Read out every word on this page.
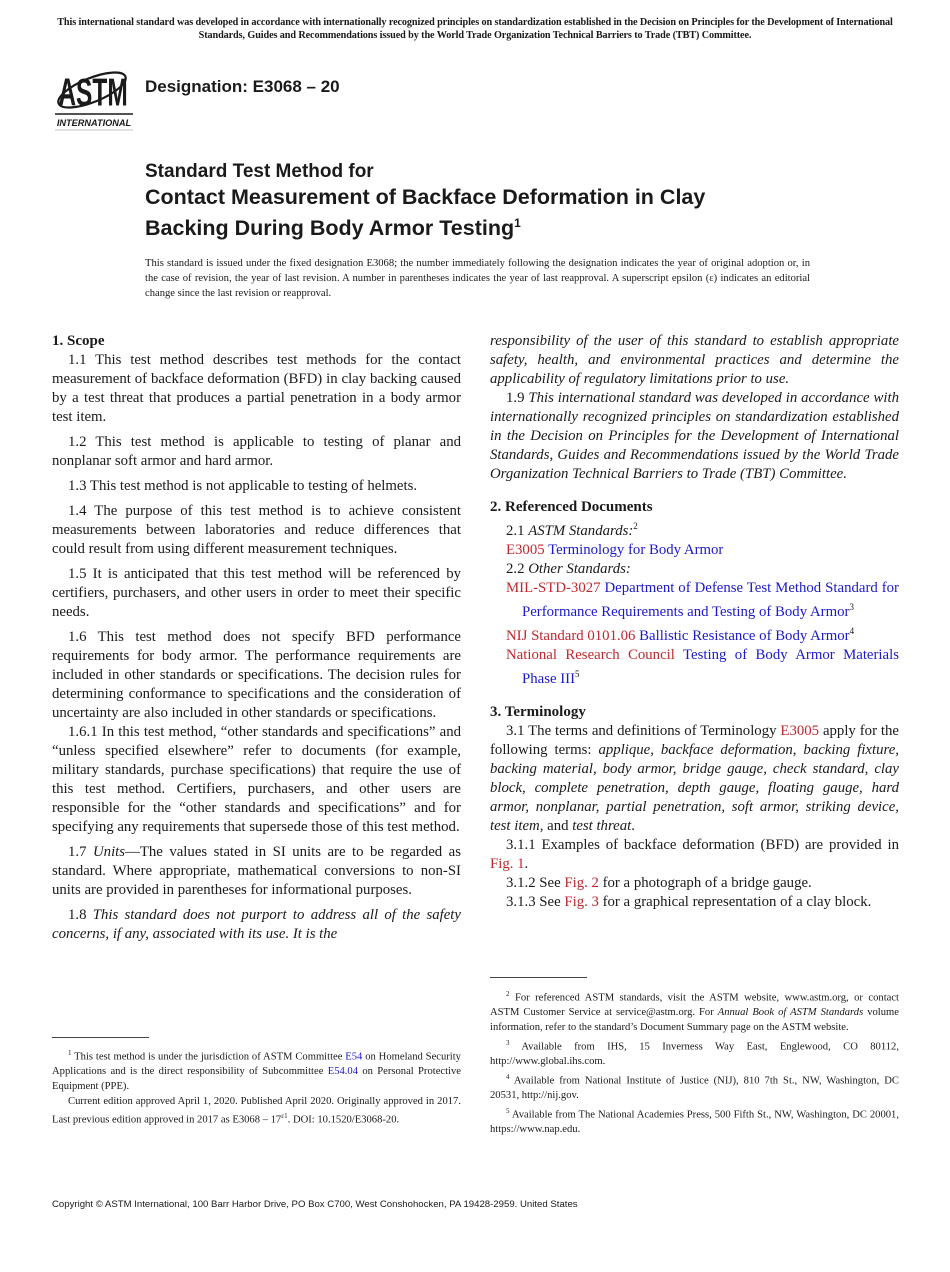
This international standard was developed in accordance with internationally recognized principles on standardization established in the Decision on Principles for the Development of International Standards, Guides and Recommendations issued by the World Trade Organization Technical Barriers to Trade (TBT) Committee.
ASTM
INTERNATIONAL
Designation: E3068 – 20
Standard Test Method for
Contact Measurement of Backface Deformation in Clay
Backing During Body Armor Testing$^1$
This standard is issued under the fixed designation E3068; the number immediately following the designation indicates the year of original adoption or, in the case of revision, the year of last revision. A number in parentheses indicates the year of last reapproval. A superscript epsilon (ε) indicates an editorial change since the last revision or reapproval.

1. Scope

1.1 This test method describes test methods for the contact measurement of backface deformation (BFD) in clay backing caused by a test threat that produces a partial penetration in a body armor test item.

1.2 This test method is applicable to testing of planar and nonplanar soft armor and hard armor.

1.3 This test method is not applicable to testing of helmets.

1.4 The purpose of this test method is to achieve consistent measurements between laboratories and reduce differences that could result from using different measurement techniques.

1.5 It is anticipated that this test method will be referenced by certifiers, purchasers, and other users in order to meet their specific needs.

1.6 This test method does not specify BFD performance requirements for body armor. The performance requirements are included in other standards or specifications. The decision rules for determining conformance to specifications and the consideration of uncertainty are also included in other standards or specifications.

1.6.1 In this test method, “other standards and specifications” and “unless specified elsewhere” refer to documents (for example, military standards, purchase specifications) that require the use of this test method. Certifiers, purchasers, and other users are responsible for the “other standards and specifications” and for specifying any requirements that supersede those of this test method.

1.7 Units—The values stated in SI units are to be regarded as standard. Where appropriate, mathematical conversions to non-SI units are provided in parentheses for informational purposes.

1.8 This standard does not purport to address all of the safety concerns, if any, associated with its use. It is the

$^1$ This test method is under the jurisdiction of ASTM Committee E54 on Homeland Security Applications and is the direct responsibility of Subcommittee E54.04 on Personal Protective Equipment (PPE).

Current edition approved April 1, 2020. Published April 2020. Originally approved in 2017. Last previous edition approved in 2017 as $E3068 - 17^{\varepsilon 1}$. DOI: 10.1520/E3068-20.

responsibility of the user of this standard to establish appropriate safety, health, and environmental practices and determine the applicability of regulatory limitations prior to use.

1.9 This international standard was developed in accordance with internationally recognized principles on standardization established in the Decision on Principles for the Development of International Standards, Guides and Recommendations issued by the World Trade Organization Technical Barriers to Trade (TBT) Committee.

2. Referenced Documents

2.1 ASTM Standards:$^2$

E3005 Terminology for Body Armor

2.2 Other Standards:

MIL-STD-3027 Department of Defense Test Method Standard for Performance Requirements and Testing of Body Armor$^3$

NIJ Standard 0101.06 Ballistic Resistance of Body Armor$^4$

National Research Council Testing of Body Armor Materials Phase III$^5$

3. Terminology

3.1 The terms and definitions of Terminology E3005 apply for the following terms: applique, backface deformation, backing fixture, backing material, body armor, bridge gauge, check standard, clay block, complete penetration, depth gauge, floating gauge, hard armor, nonplanar, partial penetration, soft armor, striking device, test item, and test threat.

3.1.1 Examples of backface deformation (BFD) are provided in Fig. 1.

3.1.2 See Fig. 2 for a photograph of a bridge gauge.

3.1.3 See Fig. 3 for a graphical representation of a clay block.

$^2$ For referenced ASTM standards, visit the ASTM website, www.astm.org, or contact ASTM Customer Service at service@astm.org. For Annual Book of ASTM Standards volume information, refer to the standard’s Document Summary page on the ASTM website.

$^3$ Available from IHS, 15 Inverness Way East, Englewood, CO 80112, http://www.global.ihs.com.

$^4$ Available from National Institute of Justice (NIJ), 810 7th St., NW, Washington, DC 20531, http://nij.gov.

$^5$ Available from The National Academies Press, 500 Fifth St., NW, Washington, DC 20001, https://www.nap.edu.

Copyright © ASTM International, 100 Barr Harbor Drive, PO Box C700, West Conshohocken, PA 19428-2959. United States
